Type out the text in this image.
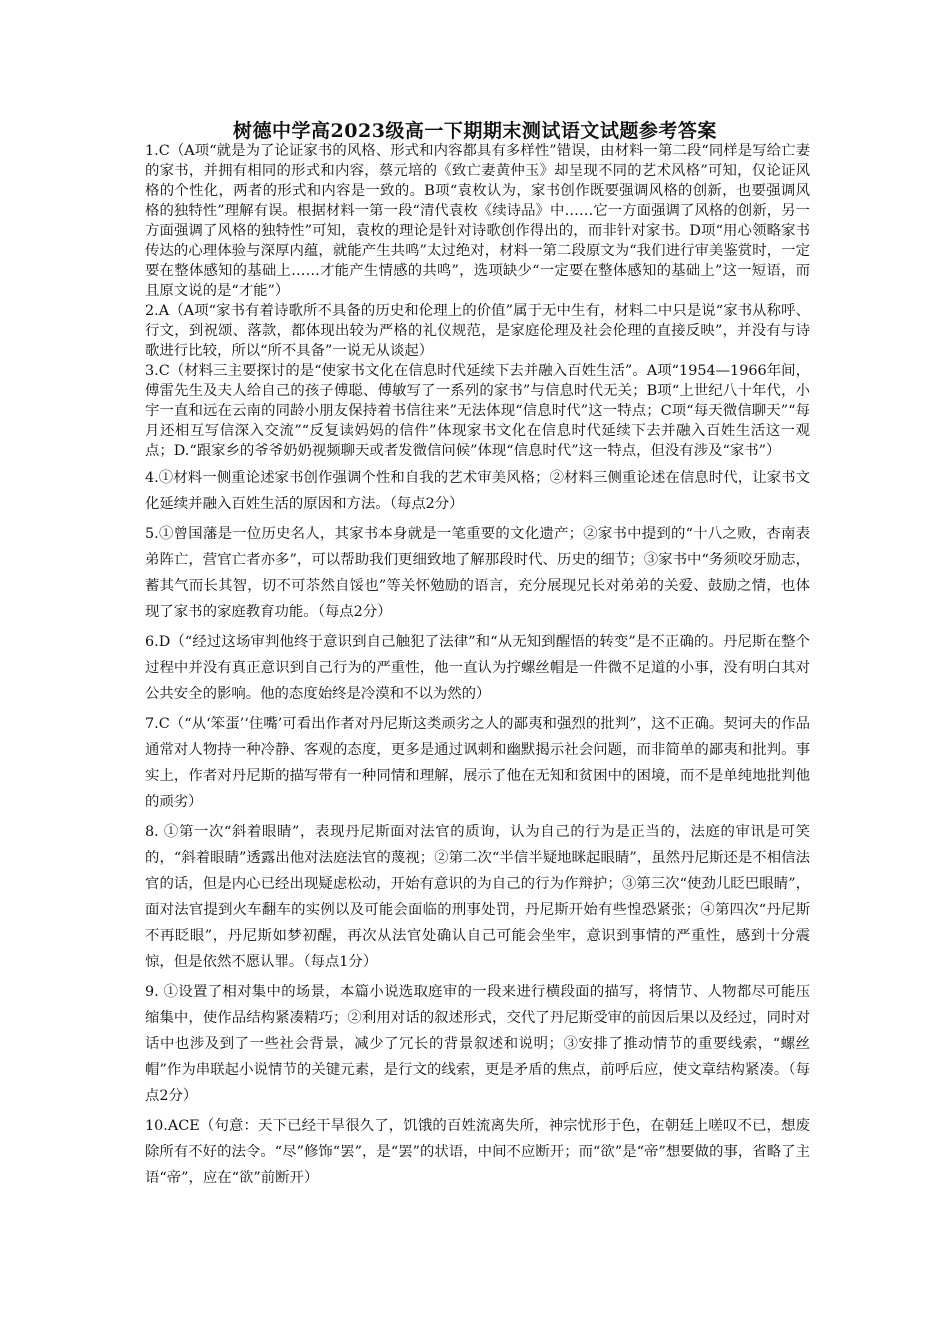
树德中学高2023级高一下期期末测试语文试题参考答案

1.C（A项“就是为了论证家书的风格、形式和内容都具有多样性”错误，由材料一第二段“同样是写给亡妻的家书，并拥有相同的形式和内容，蔡元培的《致亡妻黄仲玉》却呈现不同的艺术风格”可知，仅论证风格的个性化，两者的形式和内容是一致的。B项“袁枚认为，家书创作既要强调风格的创新，也要强调风格的独特性”理解有误。根据材料一第一段“清代袁枚《续诗品》中……它一方面强调了风格的创新，另一方面强调了风格的独特性”可知，袁枚的理论是针对诗歌创作得出的，而非针对家书。D项“用心领略家书传达的心理体验与深厚内蕴，就能产生共鸣”太过绝对，材料一第二段原文为“我们进行审美鉴赏时，一定要在整体感知的基础上……才能产生情感的共鸣”，选项缺少“一定要在整体感知的基础上”这一短语，而且原文说的是“才能”）

2.A（A项“家书有着诗歌所不具备的历史和伦理上的价值”属于无中生有，材料二中只是说“家书从称呼、行文，到祝颂、落款，都体现出较为严格的礼仪规范，是家庭伦理及社会伦理的直接反映”，并没有与诗歌进行比较，所以“所不具备”一说无从谈起）

3.C（材料三主要探讨的是“使家书文化在信息时代延续下去并融入百姓生活”。A项“1954—1966年间，傅雷先生及夫人给自己的孩子傅聪、傅敏写了一系列的家书”与信息时代无关；B项“上世纪八十年代，小宇一直和远在云南的同龄小朋友保持着书信往来”无法体现“信息时代”这一特点；C项“每天微信聊天”“每月还相互写信深入交流”“反复读妈妈的信件”体现家书文化在信息时代延续下去并融入百姓生活这一观点；D.“跟家乡的爷爷奶奶视频聊天或者发微信问候”体现“信息时代”这一特点，但没有涉及“家书”）

4.①材料一侧重论述家书创作强调个性和自我的艺术审美风格；②材料三侧重论述在信息时代，让家书文化延续并融入百姓生活的原因和方法。（每点2分）

5.①曾国藩是一位历史名人，其家书本身就是一笔重要的文化遗产；②家书中提到的“十八之败，杏南表弟阵亡，营官亡者亦多”，可以帮助我们更细致地了解那段时代、历史的细节；③家书中“务须咬牙励志，蓄其气而长其智，切不可苶然自馁也”等关怀勉励的语言，充分展现兄长对弟弟的关爱、鼓励之情，也体现了家书的家庭教育功能。（每点2分）

6.D（“经过这场审判他终于意识到自己触犯了法律”和“从无知到醒悟的转变”是不正确的。丹尼斯在整个过程中并没有真正意识到自己行为的严重性，他一直认为拧螺丝帽是一件微不足道的小事，没有明白其对公共安全的影响。他的态度始终是冷漠和不以为然的）

7.C（“从‘笨蛋’‘住嘴’可看出作者对丹尼斯这类顽劣之人的鄙夷和强烈的批判”，这不正确。契诃夫的作品通常对人物持一种冷静、客观的态度，更多是通过讽刺和幽默揭示社会问题，而非简单的鄙夷和批判。事实上，作者对丹尼斯的描写带有一种同情和理解，展示了他在无知和贫困中的困境，而不是单纯地批判他的顽劣）

8. ①第一次“斜着眼睛”，表现丹尼斯面对法官的质询，认为自己的行为是正当的，法庭的审讯是可笑的，“斜着眼睛”透露出他对法庭法官的蔑视；②第二次“半信半疑地眯起眼睛”，虽然丹尼斯还是不相信法官的话，但是内心已经出现疑虑松动，开始有意识的为自己的行为作辩护；③第三次“使劲儿眨巴眼睛”，面对法官提到火车翻车的实例以及可能会面临的刑事处罚，丹尼斯开始有些惶恐紧张；④第四次“丹尼斯不再眨眼”，丹尼斯如梦初醒，再次从法官处确认自己可能会坐牢，意识到事情的严重性，感到十分震惊，但是依然不愿认罪。（每点1分）

9. ①设置了相对集中的场景，本篇小说选取庭审的一段来进行横段面的描写，将情节、人物都尽可能压缩集中，使作品结构紧凑精巧；②利用对话的叙述形式，交代了丹尼斯受审的前因后果以及经过，同时对话中也涉及到了一些社会背景，减少了冗长的背景叙述和说明；③安排了推动情节的重要线索，“螺丝帽”作为串联起小说情节的关键元素，是行文的线索，更是矛盾的焦点，前呼后应，使文章结构紧凑。（每点2分）

10.ACE（句意：天下已经干旱很久了，饥饿的百姓流离失所，神宗忧形于色，在朝廷上嗟叹不已，想废除所有不好的法令。“尽”修饰“罢”，是“罢”的状语，中间不应断开；而“欲”是“帝”想要做的事，省略了主语“帝”，应在“欲”前断开）
